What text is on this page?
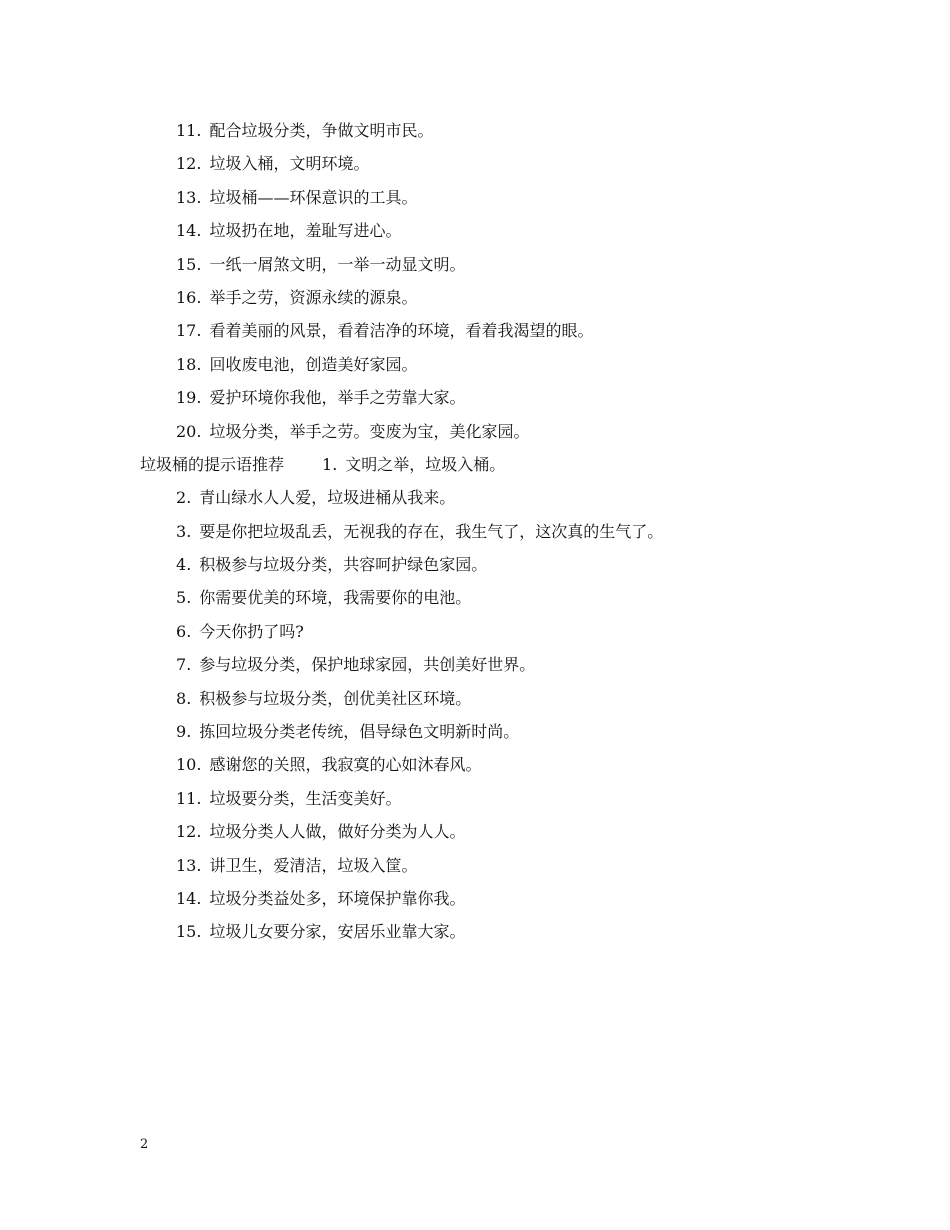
11 . 配合垃圾分类，争做文明市民。
12 . 垃圾入桶，文明环境。
13 . 垃圾桶——环保意识的工具。
14 . 垃圾扔在地，羞耻写进心。
15 . 一纸一屑煞文明，一举一动显文明。
16 . 举手之劳，资源永续的源泉。
17 . 看着美丽的风景，看着洁净的环境，看着我渴望的眼。
18 . 回收废电池，创造美好家园。
19 . 爱护环境你我他，举手之劳靠大家。
20 . 垃圾分类，举手之劳。变废为宝，美化家园。
垃圾桶的提示语推荐 1 . 文明之举，垃圾入桶。
2 . 青山绿水人人爱，垃圾进桶从我来。
3 . 要是你把垃圾乱丢，无视我的存在，我生气了，这次真的生气了。
4 . 积极参与垃圾分类，共容呵护绿色家园。
5 . 你需要优美的环境，我需要你的电池。
6 . 今天你扔了吗?
7 . 参与垃圾分类，保护地球家园，共创美好世界。
8 . 积极参与垃圾分类，创优美社区环境。
9 . 拣回垃圾分类老传统，倡导绿色文明新时尚。
10 . 感谢您的关照，我寂寞的心如沐春风。
11 . 垃圾要分类，生活变美好。
12 . 垃圾分类人人做，做好分类为人人。
13 . 讲卫生，爱清洁，垃圾入筐。
14 . 垃圾分类益处多，环境保护靠你我。
15 . 垃圾儿女要分家，安居乐业靠大家。
2
